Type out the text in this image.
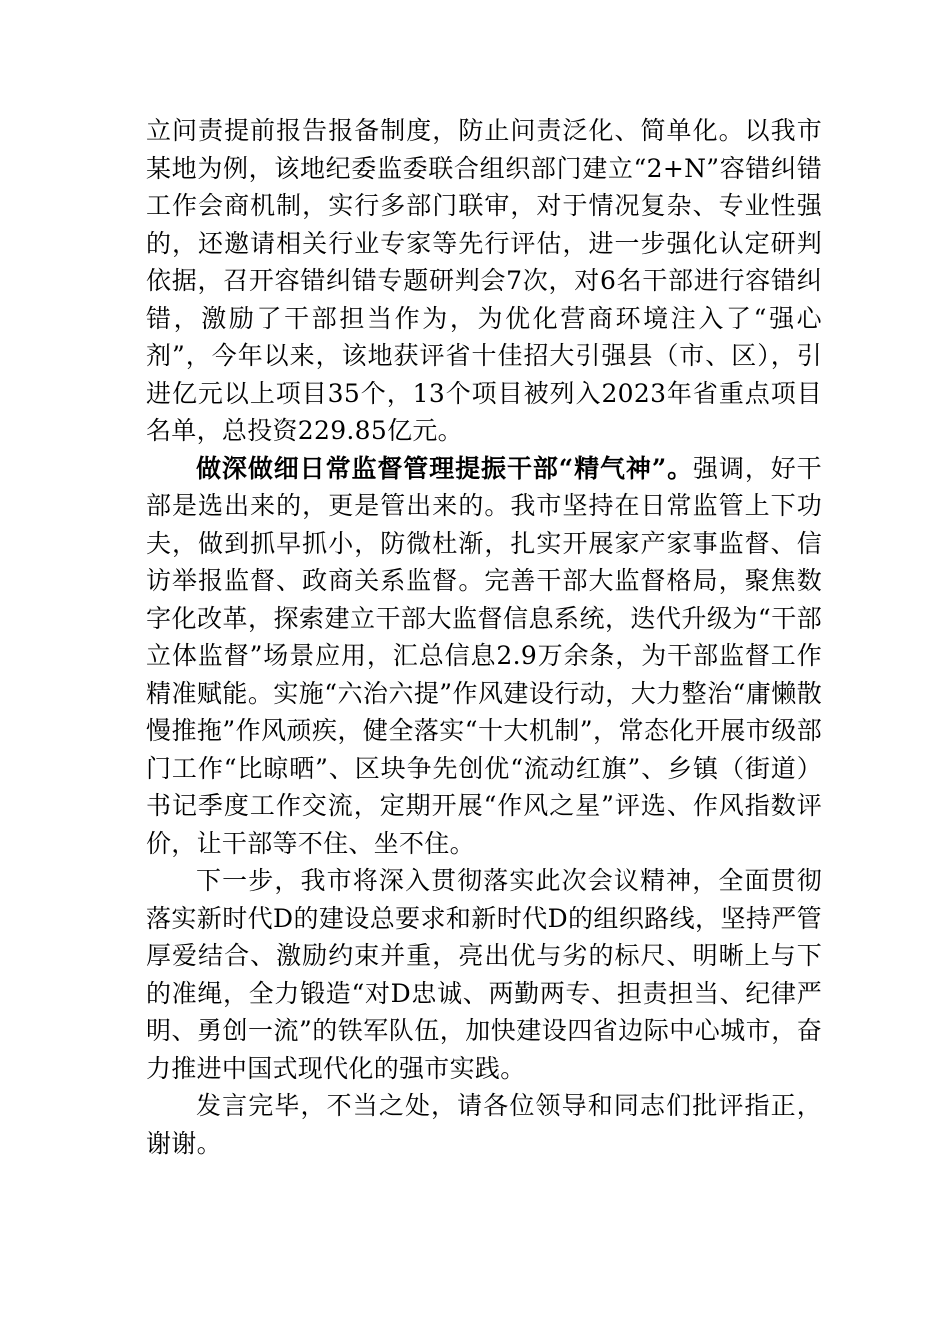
立问责提前报告报备制度，防止问责泛化、简单化。以我市某地为例，该地纪委监委联合组织部门建立“2+N”容错纠错工作会商机制，实行多部门联审，对于情况复杂、专业性强的，还邀请相关行业专家等先行评估，进一步强化认定研判依据，召开容错纠错专题研判会7次，对6名干部进行容错纠错，激励了干部担当作为，为优化营商环境注入了“强心剂”，今年以来，该地获评省十佳招大引强县（市、区），引进亿元以上项目35个，13个项目被列入2023年省重点项目名单，总投资229.85亿元。

做深做细日常监督管理提振干部“精气神”。强调，好干部是选出来的，更是管出来的。我市坚持在日常监管上下功夫，做到抓早抓小，防微杜渐，扎实开展家产家事监督、信访举报监督、政商关系监督。完善干部大监督格局，聚焦数字化改革，探索建立干部大监督信息系统，迭代升级为“干部立体监督”场景应用，汇总信息2.9万余条，为干部监督工作精准赋能。实施“六治六提”作风建设行动，大力整治“庸懒散慢推拖”作风顽疾，健全落实“十大机制”，常态化开展市级部门工作“比晾晒”、区块争先创优“流动红旗”、乡镇（街道）书记季度工作交流，定期开展“作风之星”评选、作风指数评价，让干部等不住、坐不住。

下一步，我市将深入贯彻落实此次会议精神，全面贯彻落实新时代D的建设总要求和新时代D的组织路线，坚持严管厚爱结合、激励约束并重，亮出优与劣的标尺、明晰上与下的准绳，全力锻造“对D忠诚、两勤两专、担责担当、纪律严明、勇创一流”的铁军队伍，加快建设四省边际中心城市，奋力推进中国式现代化的强市实践。

发言完毕，不当之处，请各位领导和同志们批评指正，谢谢。
